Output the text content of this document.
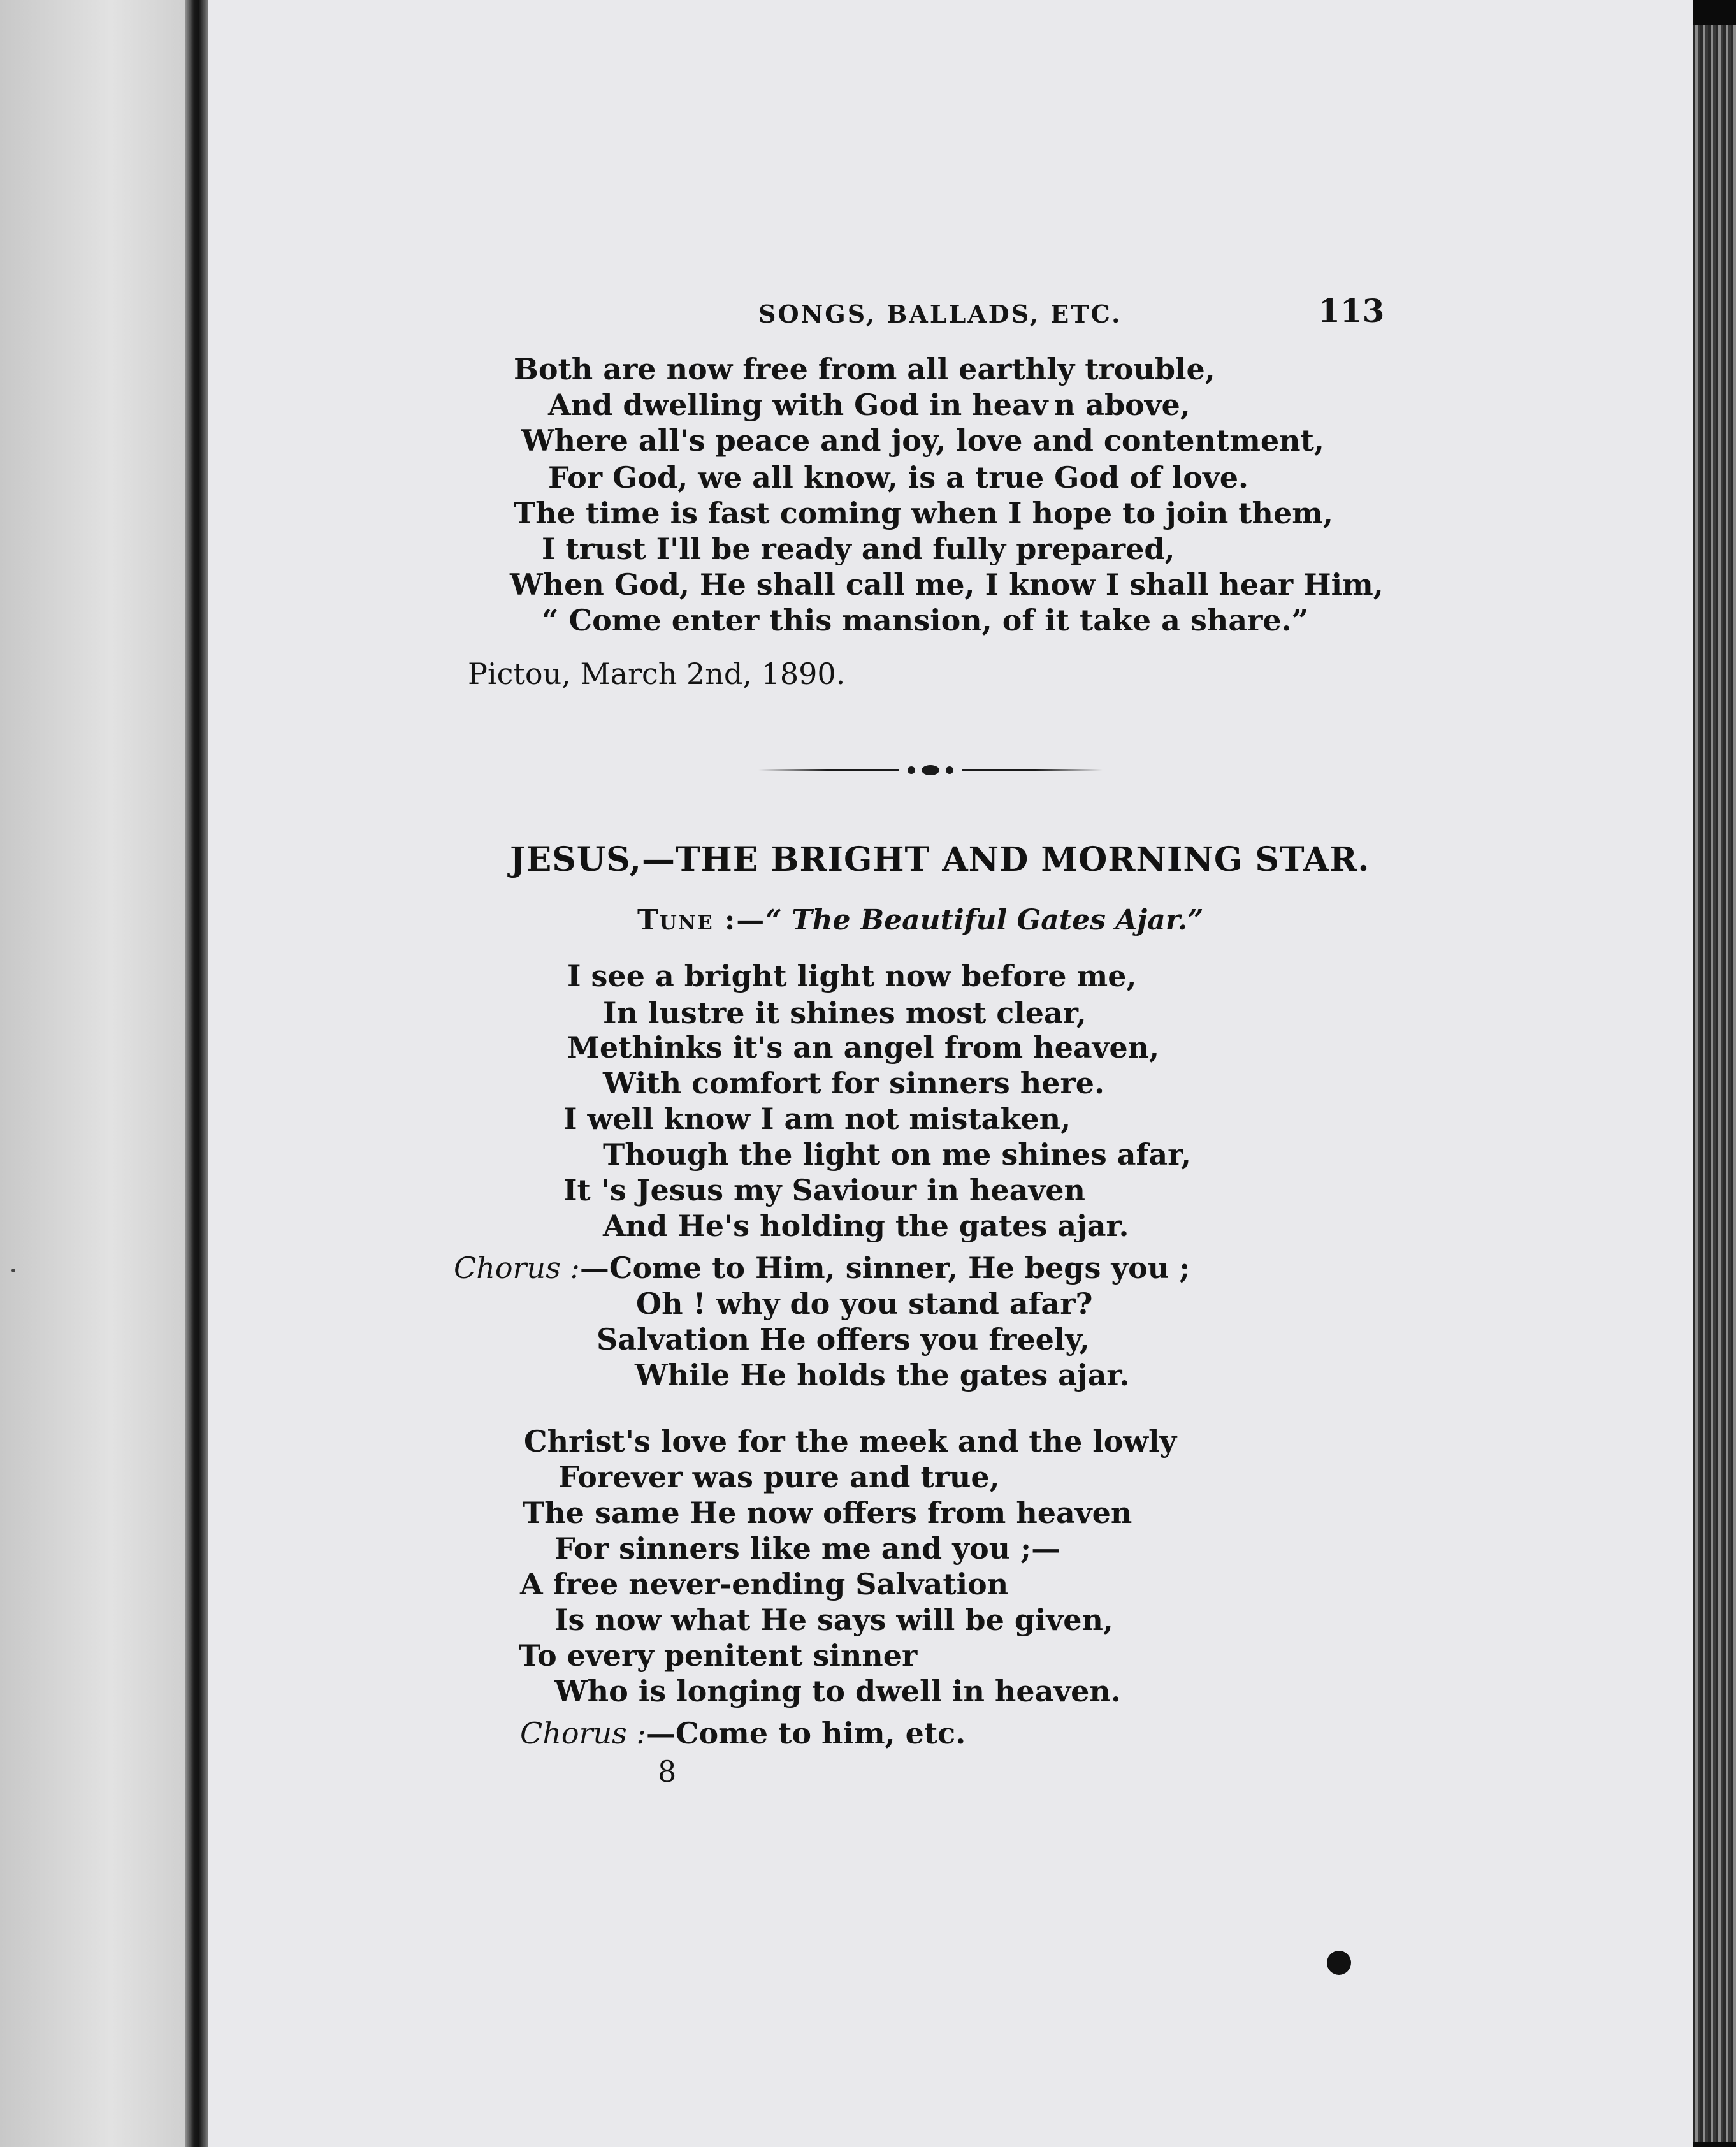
SONGS, BALLADS, ETC.	113
Both are now free from all earthly trouble,
And dwelling with God in heav n above,
Where all's peace and joy, love and contentment,
For God, we all know, is a true God of love.
The time is fast coming when I hope to join them,
I trust I'll be ready and fully prepared,
When God, He shall call me, I know I shall hear Him,
“ Come enter this mansion, of it take a share.”
Pictou, March 2nd, 1890.
JESUS,—THE BRIGHT AND MORNING STAR.
Tune :—“ The Beautiful Gates Ajar.”
I see a bright light now before me,
In lustre it shines most clear,
Methinks it's an angel from heaven,
With comfort for sinners here.
I well know I am not mistaken,
Though the light on me shines afar,
It 's Jesus my Saviour in heaven
And He's holding the gates ajar.
Chorus :—Come to Him, sinner, He begs you ;
Oh ! why do you stand afar?
Salvation He offers you freely,
While He holds the gates ajar.
Christ's love for the meek and the lowly
Forever was pure and true,
The same He now offers from heaven
For sinners like me and you ;—
A free never-ending Salvation
Is now what He says will be given,
To every penitent sinner
Who is longing to dwell in heaven.
Chorus :—Come to him, etc.
8
